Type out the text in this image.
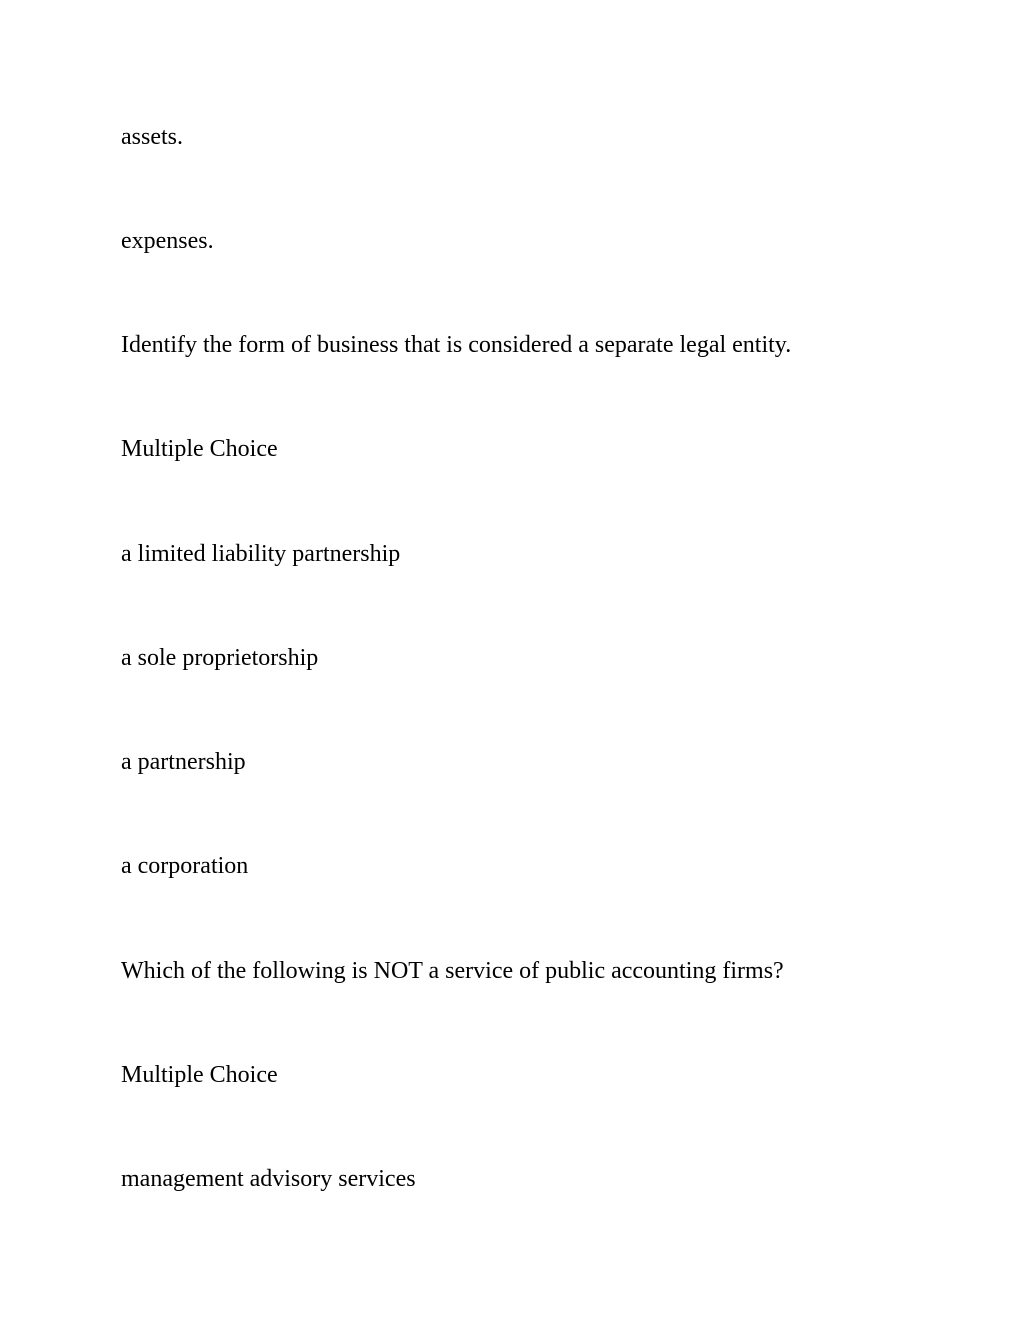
assets.

expenses.

Identify the form of business that is considered a separate legal entity.

Multiple Choice

a limited liability partnership

a sole proprietorship

a partnership

a corporation

Which of the following is NOT a service of public accounting firms?

Multiple Choice

management advisory services
